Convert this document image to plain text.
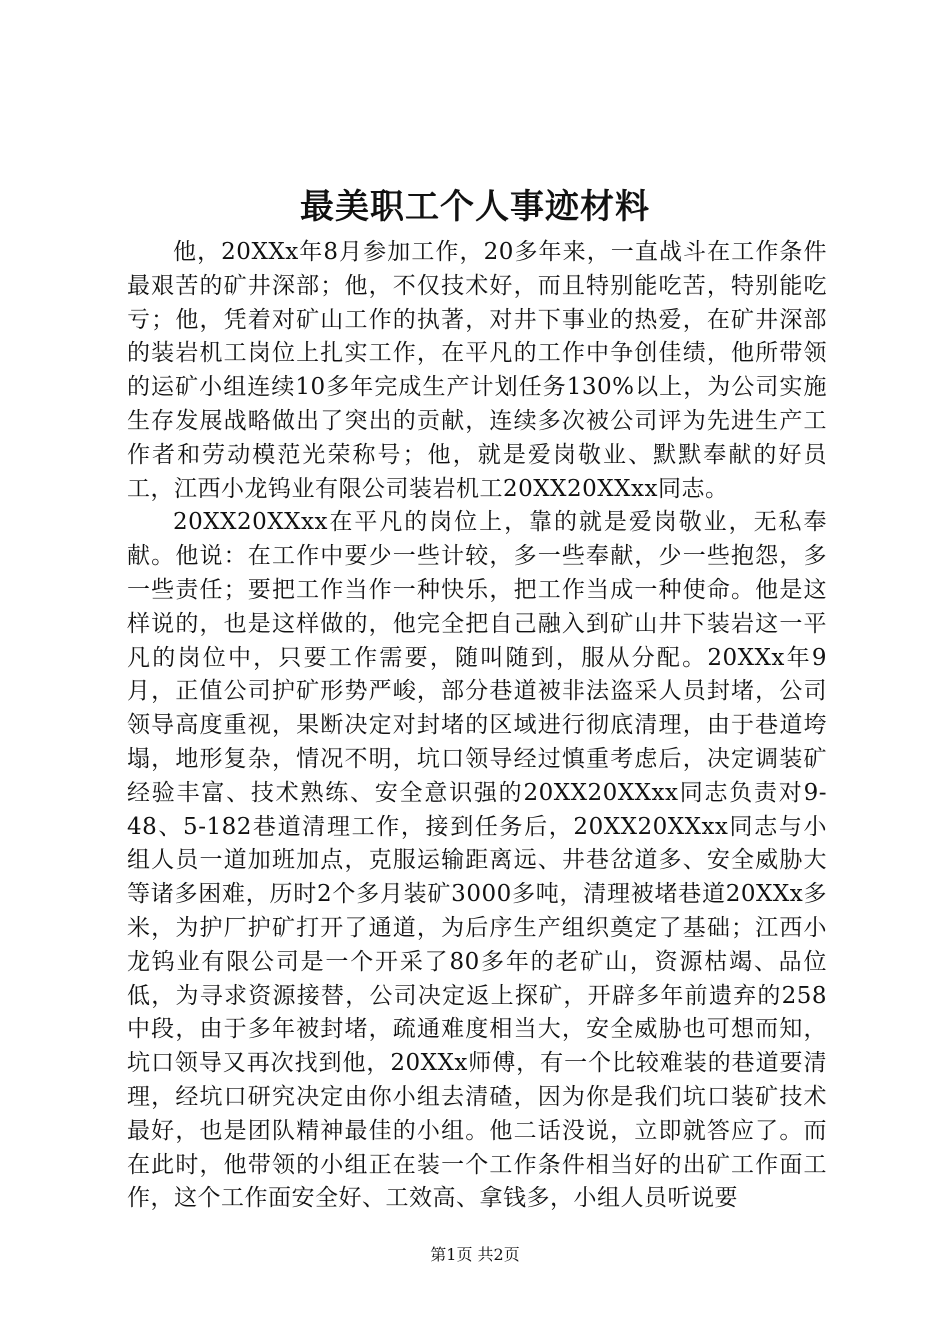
最美职工个人事迹材料

他，20XXx年8月参加工作，20多年来，一直战斗在工作条件最艰苦的矿井深部；他，不仅技术好，而且特别能吃苦，特别能吃亏；他，凭着对矿山工作的执著，对井下事业的热爱，在矿井深部的装岩机工岗位上扎实工作，在平凡的工作中争创佳绩，他所带领的运矿小组连续10多年完成生产计划任务130%以上，为公司实施生存发展战略做出了突出的贡献，连续多次被公司评为先进生产工作者和劳动模范光荣称号；他，就是爱岗敬业、默默奉献的好员工，江西小龙钨业有限公司装岩机工20XX20XXxx同志。

20XX20XXxx在平凡的岗位上，靠的就是爱岗敬业，无私奉献。他说：在工作中要少一些计较，多一些奉献，少一些抱怨，多一些责任；要把工作当作一种快乐，把工作当成一种使命。他是这样说的，也是这样做的，他完全把自己融入到矿山井下装岩这一平凡的岗位中，只要工作需要，随叫随到，服从分配。20XXx年9月，正值公司护矿形势严峻，部分巷道被非法盗采人员封堵，公司领导高度重视，果断决定对封堵的区域进行彻底清理，由于巷道垮塌，地形复杂，情况不明，坑口领导经过慎重考虑后，决定调装矿经验丰富、技术熟练、安全意识强的20XX20XXxx同志负责对9-48、5-182巷道清理工作，接到任务后，20XX20XXxx同志与小组人员一道加班加点，克服运输距离远、井巷岔道多、安全威胁大等诸多困难，历时2个多月装矿3000多吨，清理被堵巷道20XXx多米，为护厂护矿打开了通道，为后序生产组织奠定了基础；江西小龙钨业有限公司是一个开采了80多年的老矿山，资源枯竭、品位低，为寻求资源接替，公司决定返上探矿，开辟多年前遗弃的258中段，由于多年被封堵，疏通难度相当大，安全威胁也可想而知，坑口领导又再次找到他，20XXx师傅，有一个比较难装的巷道要清理，经坑口研究决定由你小组去清碴，因为你是我们坑口装矿技术最好，也是团队精神最佳的小组。他二话没说，立即就答应了。而在此时，他带领的小组正在装一个工作条件相当好的出矿工作面工作，这个工作面安全好、工效高、拿钱多，小组人员听说要

第1页 共2页
